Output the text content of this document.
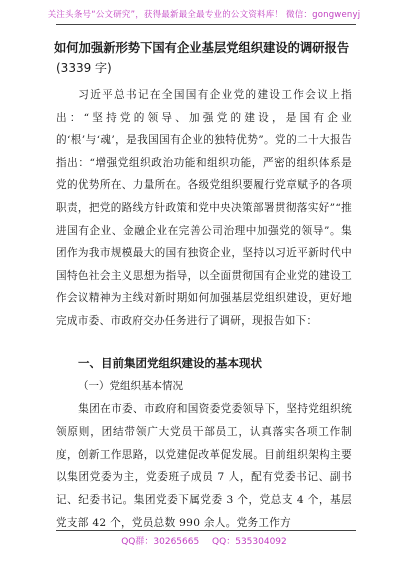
关注头条号“公文研究”，获得最新最全最专业的公文资料库！ 微信：gongwenyj
如何加强新形势下国有企业基层党组织建设的调研报告
(3339 字)

习近平总书记在全国国有企业党的建设工作会议上指出：“坚持党的领导、加强党的建设，是国有企业的‘根’与‘魂’，是我国国有企业的独特优势”。党的二十大报告指出：“增强党组织政治功能和组织功能，严密的组织体系是党的优势所在、力量所在。各级党组织要履行党章赋予的各项职责，把党的路线方针政策和党中央决策部署贯彻落实好”“推进国有企业、金融企业在完善公司治理中加强党的领导”。集团作为我市规模最大的国有独资企业，坚持以习近平新时代中国特色社会主义思想为指导，以全面贯彻国有企业党的建设工作会议精神为主线对新时期如何加强基层党组织建设，更好地完成市委、市政府交办任务进行了调研，现报告如下：

一、目前集团党组织建设的基本现状
（一）党组织基本情况

集团在市委、市政府和国资委党委领导下，坚持党组织统领原则，团结带领广大党员干部员工，认真落实各项工作制度，创新工作思路，以党建促改革促发展。目前组织架构主要以集团党委为主，党委班子成员 7 人，配有党委书记、副书记、纪委书记。集团党委下属党委 3 个，党总支 4 个，基层党支部 42 个，党员总数 990 余人。党务工作方

QQ群：30265665 QQ：535304092
